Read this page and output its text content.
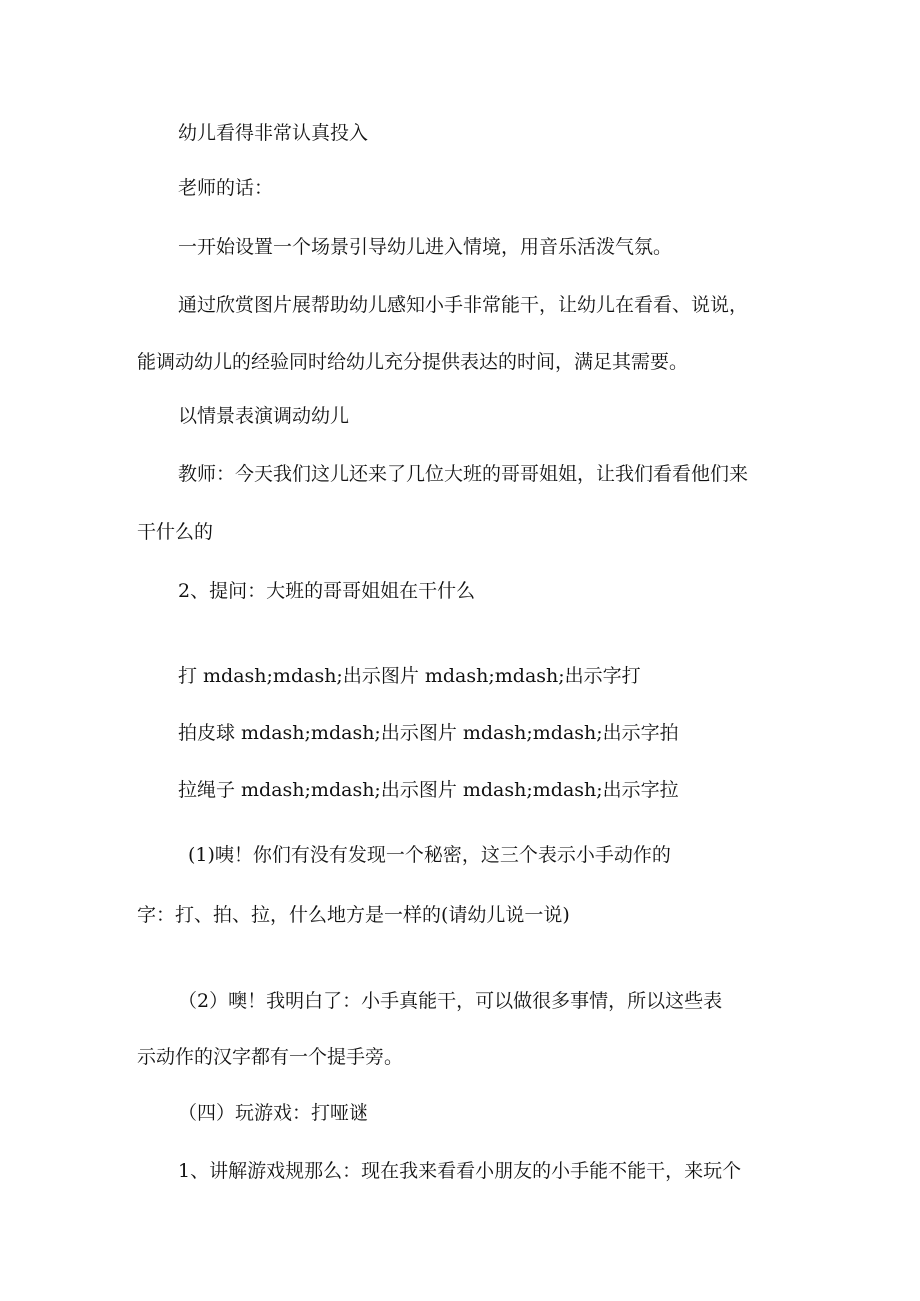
幼儿看得非常认真投入
老师的话：
一开始设置一个场景引导幼儿进入情境，用音乐活泼气氛。
通过欣赏图片展帮助幼儿感知小手非常能干，让幼儿在看看、说说，
能调动幼儿的经验同时给幼儿充分提供表达的时间，满足其需要。
以情景表演调动幼儿
教师：今天我们这儿还来了几位大班的哥哥姐姐，让我们看看他们来
干什么的
2、提问：大班的哥哥姐姐在干什么
打 mdash;mdash;出示图片 mdash;mdash;出示字打
拍皮球 mdash;mdash;出示图片 mdash;mdash;出示字拍
拉绳子 mdash;mdash;出示图片 mdash;mdash;出示字拉
(1)咦！你们有没有发现一个秘密，这三个表示小手动作的
字：打、拍、拉，什么地方是一样的(请幼儿说一说)
（2）噢！我明白了：小手真能干，可以做很多事情，所以这些表
示动作的汉字都有一个提手旁。
（四）玩游戏：打哑谜
1、讲解游戏规那么：现在我来看看小朋友的小手能不能干，来玩个
